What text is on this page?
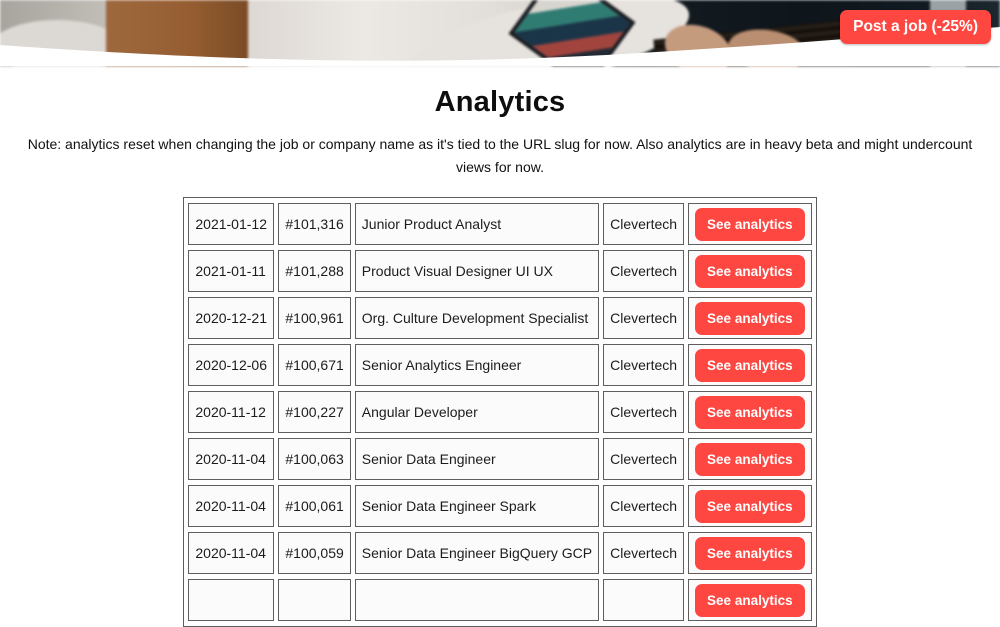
Post a job (-25%)
Analytics

Note: analytics reset when changing the job or company name as it's tied to the URL slug for now. Also analytics are in heavy beta and might undercount views for now.

2021-01-12	#101,316	Junior Product Analyst	Clevertech	See analytics

2021-01-11	#101,288	Product Visual Designer UI UX	Clevertech	See analytics

2020-12-21	#100,961	Org. Culture Development Specialist	Clevertech	See analytics

2020-12-06	#100,671	Senior Analytics Engineer	Clevertech	See analytics

2020-11-12	#100,227	Angular Developer	Clevertech	See analytics

2020-11-04	#100,063	Senior Data Engineer	Clevertech	See analytics

2020-11-04	#100,061	Senior Data Engineer Spark	Clevertech	See analytics

2020-11-04	#100,059	Senior Data Engineer BigQuery GCP	Clevertech	See analytics

				See analytics
